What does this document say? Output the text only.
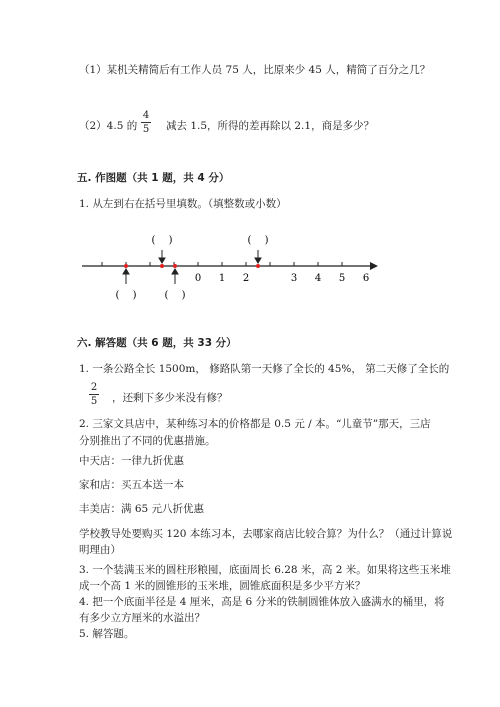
（1）某机关精简后有工作人员 75 人，比原来少 45 人，精简了百分之几？
（2）4.5 的
4
5 减去 1.5，所得的差再除以 2.1，商是多少？
五. 作图题（共 1 题，共 4 分）
1. 从左到右在括号里填数。（填整数或小数）
0 1 2	3 4 5 6
(　 )	(　 )
(　 )	(　 )
六. 解答题（共 6 题，共 33 分）
1. 一条公路全长 1500m， 修路队第一天修了全长的 45%， 第二天修了全长的
2
5 ，还剩下多少米没有修？
2. 三家文具店中，某种练习本的价格都是 0.5 元 / 本。“儿童节”那天，三店
分别推出了不同的优惠措施。
中天店：一律九折优惠
家和店：买五本送一本
丰美店：满 65 元八折优惠
学校教导处要购买 120 本练习本，去哪家商店比较合算？为什么？（通过计算说
明理由）
3. 一个装满玉米的圆柱形粮囤，底面周长 6.28 米，高 2 米。如果将这些玉米堆
成一个高 1 米的圆锥形的玉米堆，圆锥底面积是多少平方米？
4. 把一个底面半径是 4 厘米，高是 6 分米的铁制圆锥体放入盛满水的桶里，将
有多少立方厘米的水溢出？
5. 解答题。
